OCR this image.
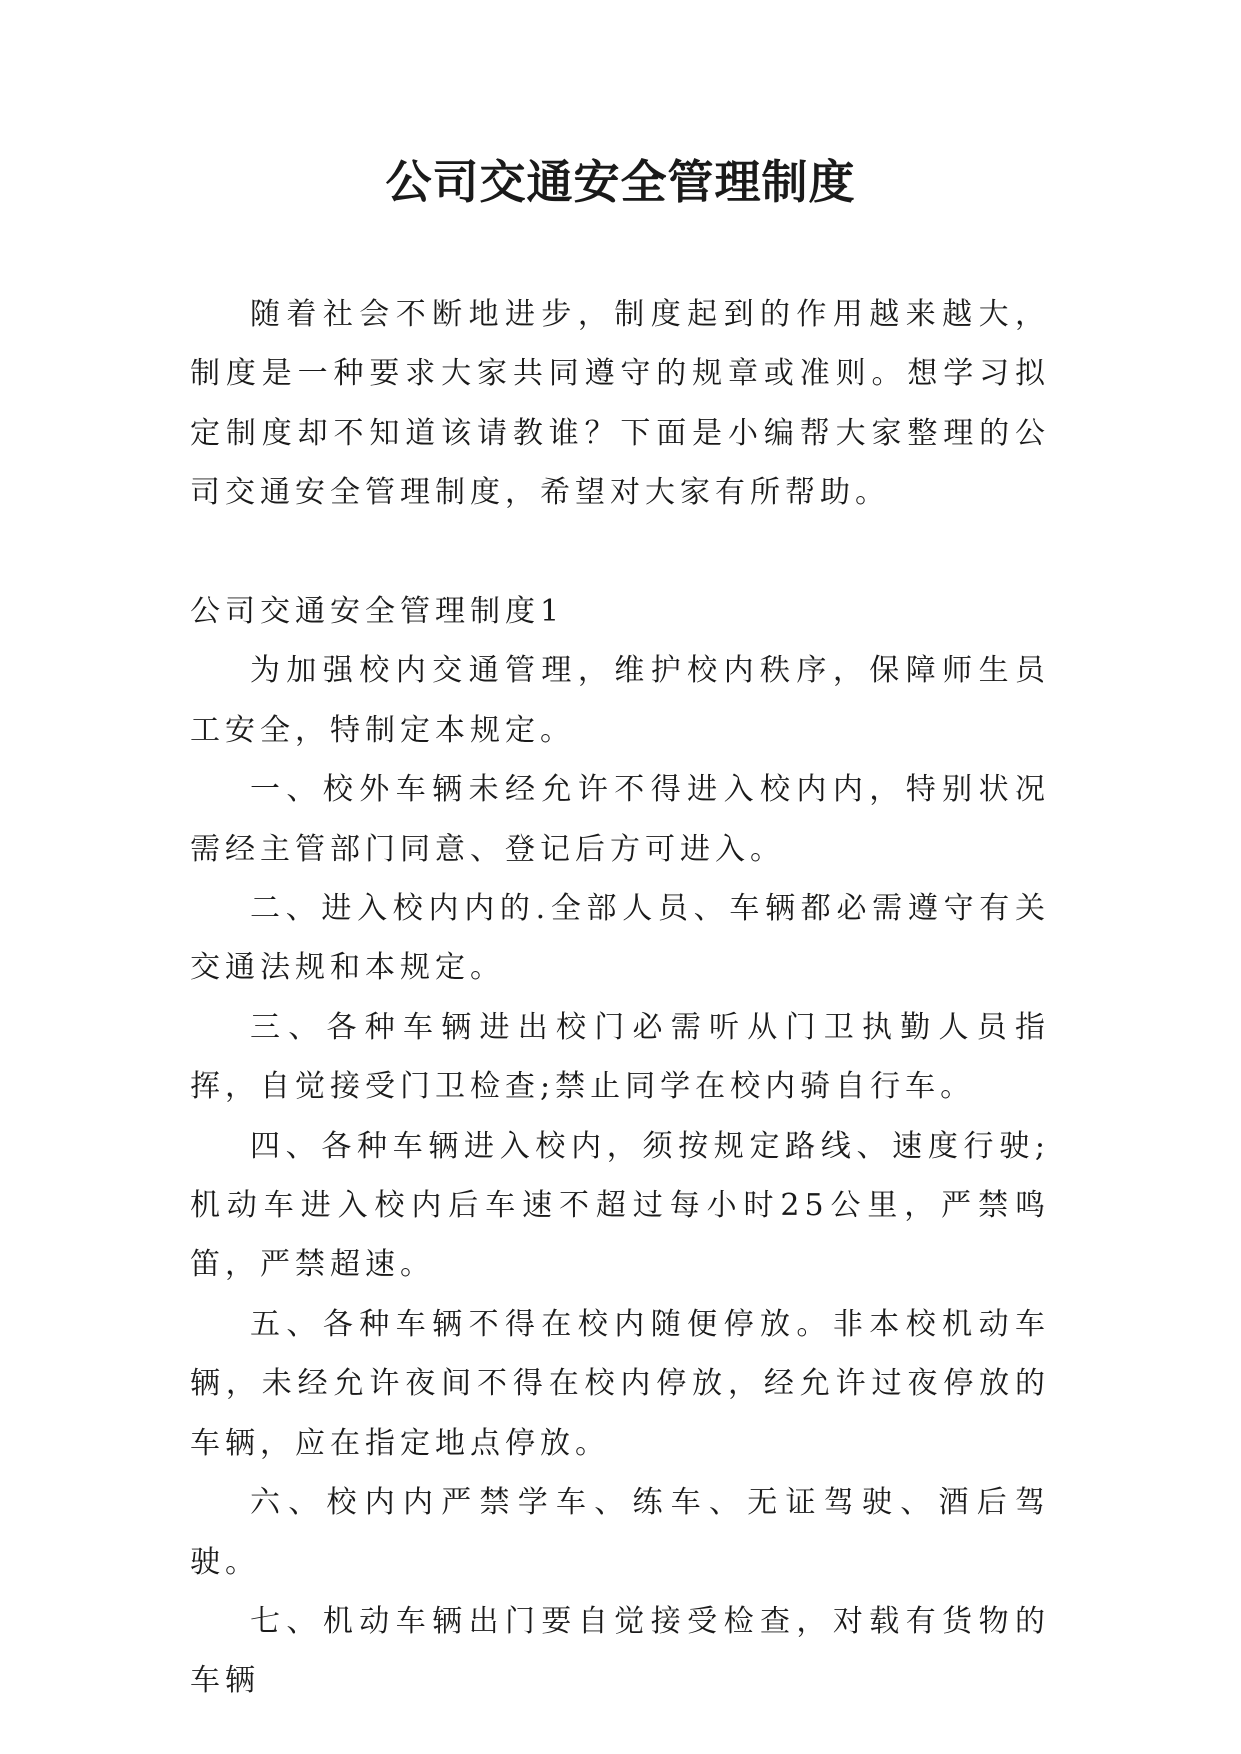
公司交通安全管理制度

随着社会不断地进步，制度起到的作用越来越大，制度是一种要求大家共同遵守的规章或准则。想学习拟定制度却不知道该请教谁？下面是小编帮大家整理的公司交通安全管理制度，希望对大家有所帮助。

公司交通安全管理制度1

为加强校内交通管理，维护校内秩序，保障师生员工安全，特制定本规定。

一、校外车辆未经允许不得进入校内内，特别状况需经主管部门同意、登记后方可进入。

二、进入校内内的.全部人员、车辆都必需遵守有关交通法规和本规定。

三、各种车辆进出校门必需听从门卫执勤人员指挥，自觉接受门卫检查;禁止同学在校内骑自行车。

四、各种车辆进入校内，须按规定路线、速度行驶;机动车进入校内后车速不超过每小时25公里，严禁鸣笛，严禁超速。

五、各种车辆不得在校内随便停放。非本校机动车辆，未经允许夜间不得在校内停放，经允许过夜停放的车辆，应在指定地点停放。

六、校内内严禁学车、练车、无证驾驶、酒后驾驶。

七、机动车辆出门要自觉接受检查，对载有货物的车辆
